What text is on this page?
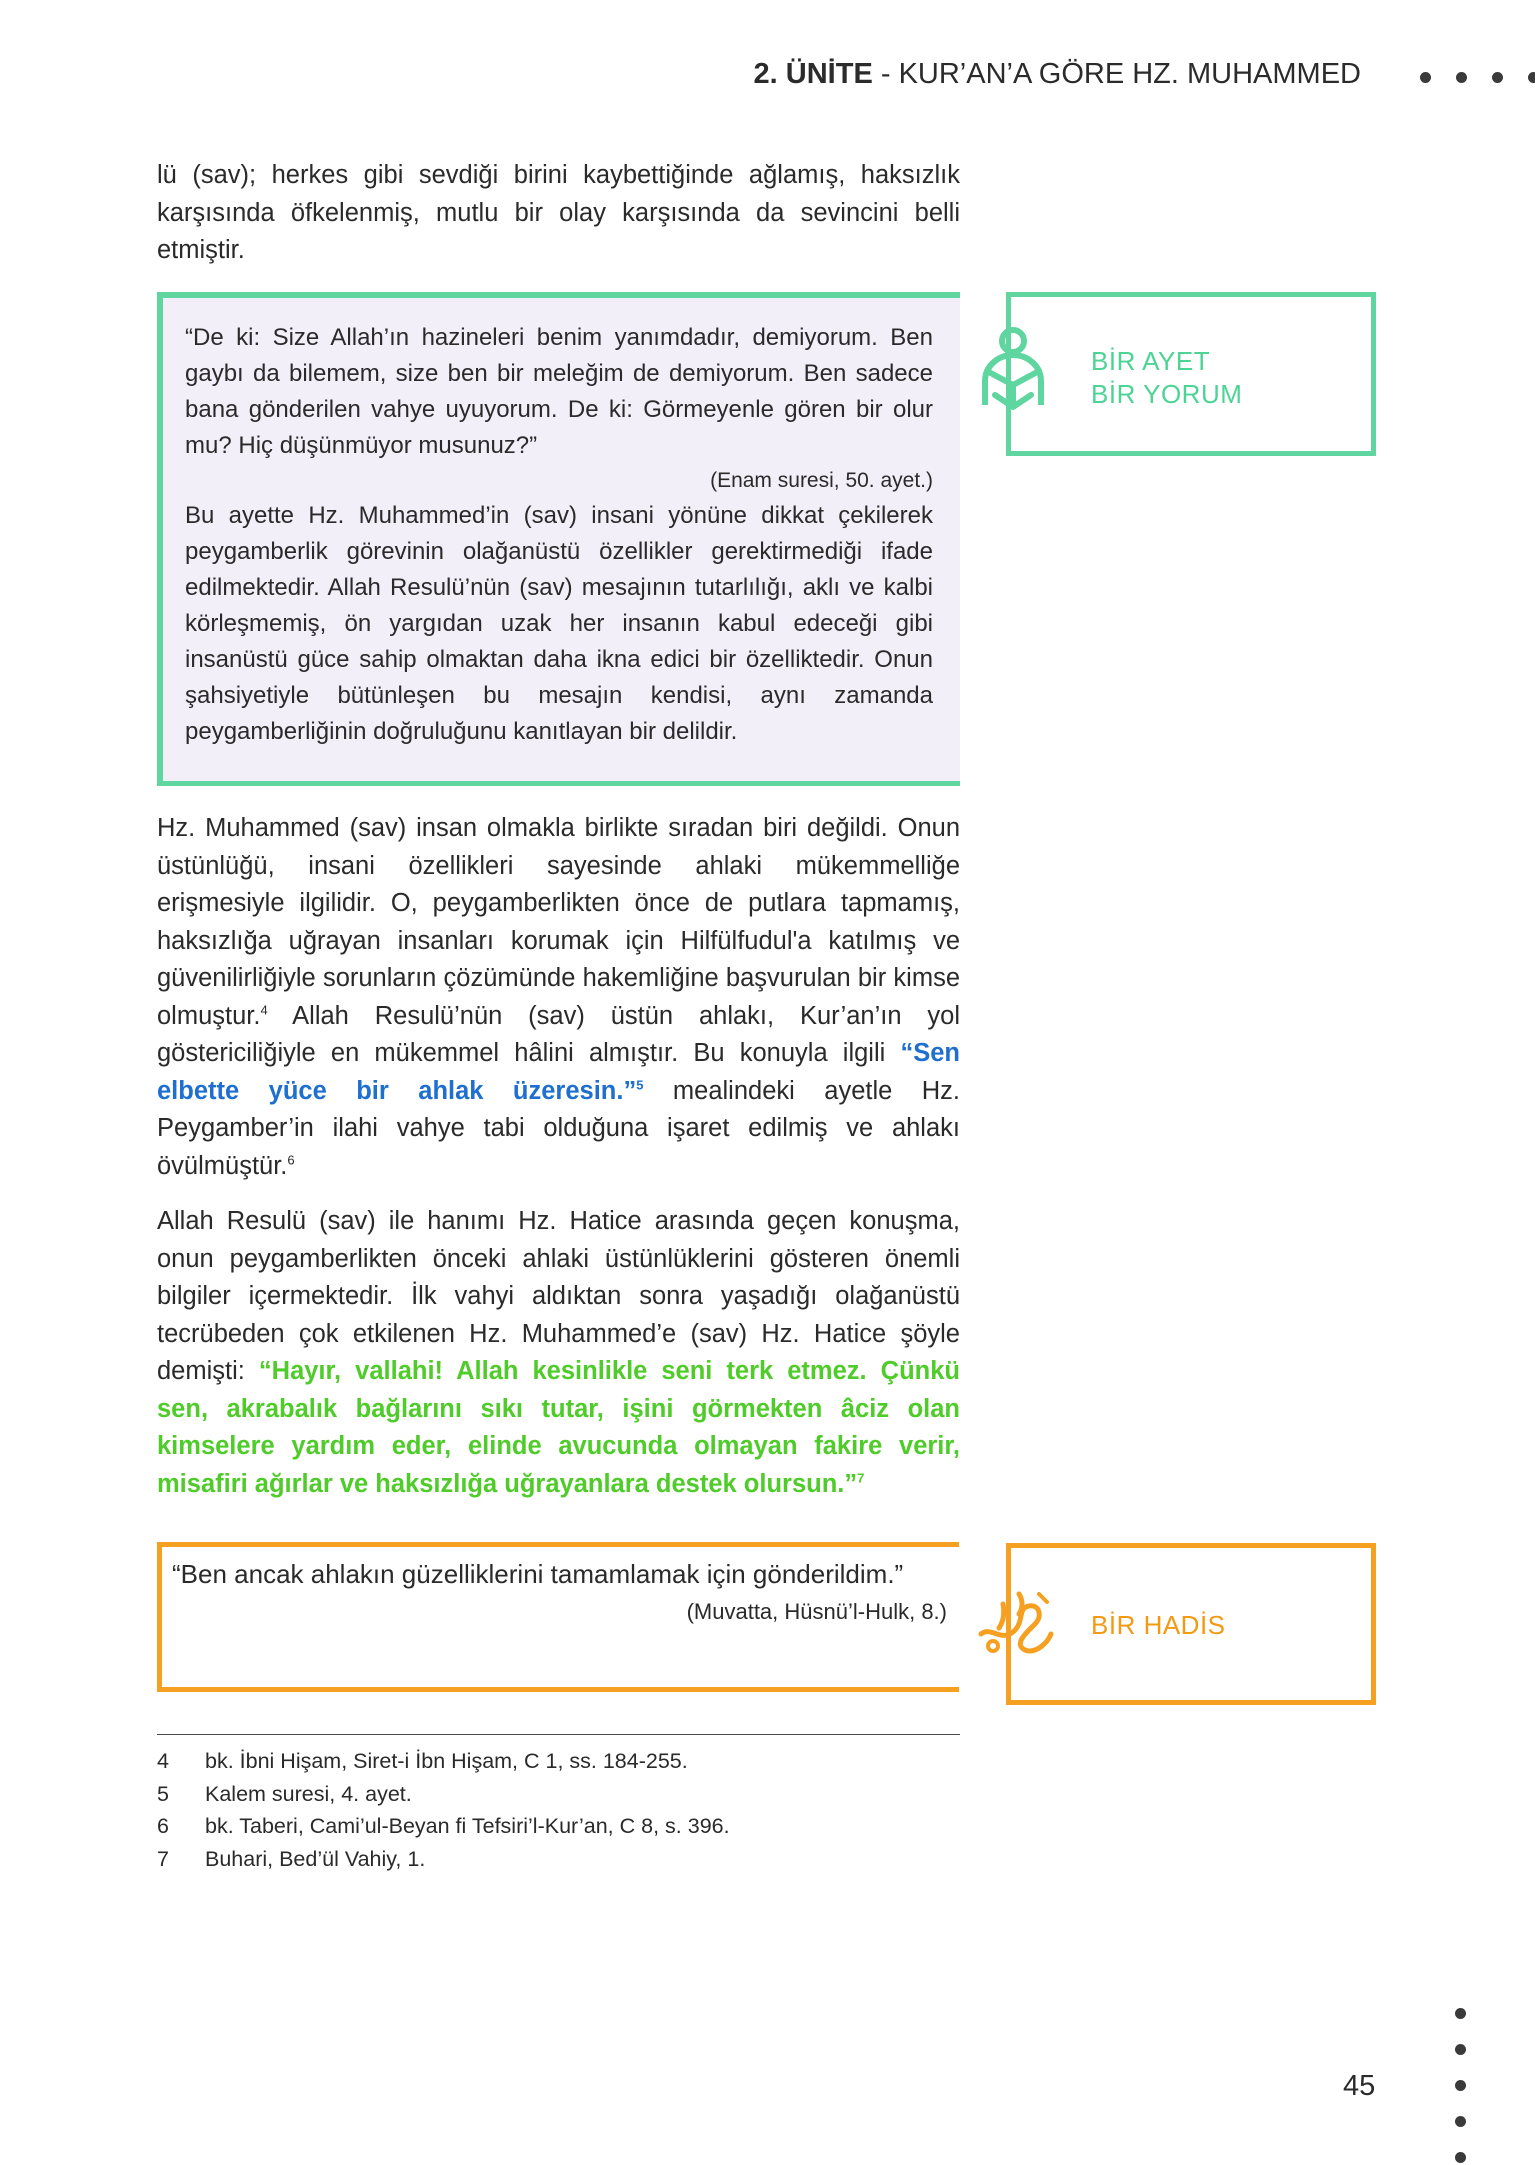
2. ÜNİTE - KUR’AN’A GÖRE HZ. MUHAMMED

lü (sav); herkes gibi sevdiği birini kaybettiğinde ağlamış, haksızlık karşısında öfkelenmiş, mutlu bir olay karşısında da sevincini belli etmiştir.

“De ki: Size Allah’ın hazineleri benim yanımdadır, demiyorum. Ben gaybı da bilemem, size ben bir meleğim de demiyorum. Ben sadece bana gönderilen vahye uyuyorum. De ki: Görmeyenle gören bir olur mu? Hiç düşünmüyor musunuz?”

(Enam suresi, 50. ayet.)

Bu ayette Hz. Muhammed’in (sav) insani yönüne dikkat çekilerek peygamberlik görevinin olağanüstü özellikler gerektirmediği ifade edilmektedir. Allah Resulü’nün (sav) mesajının tutarlılığı, aklı ve kalbi körleşmemiş, ön yargıdan uzak her insanın kabul edeceği gibi insanüstü güce sahip olmaktan daha ikna edici bir özelliktedir. Onun şahsiyetiyle bütünleşen bu mesajın kendisi, aynı zamanda peygamberliğinin doğruluğunu kanıtlayan bir delildir.

BİR AYET
BİR YORUM

Hz. Muhammed (sav) insan olmakla birlikte sıradan biri değildi. Onun üstünlüğü, insani özellikleri sayesinde ahlaki mükemmelliğe erişmesiyle ilgilidir. O, peygamberlikten önce de putlara tapmamış, haksızlığa uğrayan insanları korumak için Hilfülfudul'a katılmış ve güvenilirliğiyle sorunların çözümünde hakemliğine başvurulan bir kimse olmuştur.$^4$ Allah Resulü’nün (sav) üstün ahlakı, Kur’an’ın yol göstericiliğiyle en mükemmel hâlini almıştır. Bu konuyla ilgili “Sen elbette yüce bir ahlak üzeresin.”$^5$ mealindeki ayetle Hz. Peygamber’in ilahi vahye tabi olduğuna işaret edilmiş ve ahlakı övülmüştür.$^6$

Allah Resulü (sav) ile hanımı Hz. Hatice arasında geçen konuşma, onun peygamberlikten önceki ahlaki üstünlüklerini gösteren önemli bilgiler içermektedir. İlk vahyi aldıktan sonra yaşadığı olağanüstü tecrübeden çok etkilenen Hz. Muhammed’e (sav) Hz. Hatice şöyle demişti: “Hayır, vallahi! Allah kesinlikle seni terk etmez. Çünkü sen, akrabalık bağlarını sıkı tutar, işini görmekten âciz olan kimselere yardım eder, elinde avucunda olmayan fakire verir, misafiri ağırlar ve haksızlığa uğrayanlara destek olursun.”$^7$

“Ben ancak ahlakın güzelliklerini tamamlamak için gönderildim.”
(Muvatta, Hüsnü’l-Hulk, 8.)	BİR HADİS
4	bk. İbni Hişam, Siret-i İbn Hişam, C 1, ss. 184-255.
5	Kalem suresi, 4. ayet.
6	bk. Taberi, Cami’ul-Beyan fi Tefsiri’l-Kur’an, C 8, s. 396.
7	Buhari, Bed’ül Vahiy, 1.
45
